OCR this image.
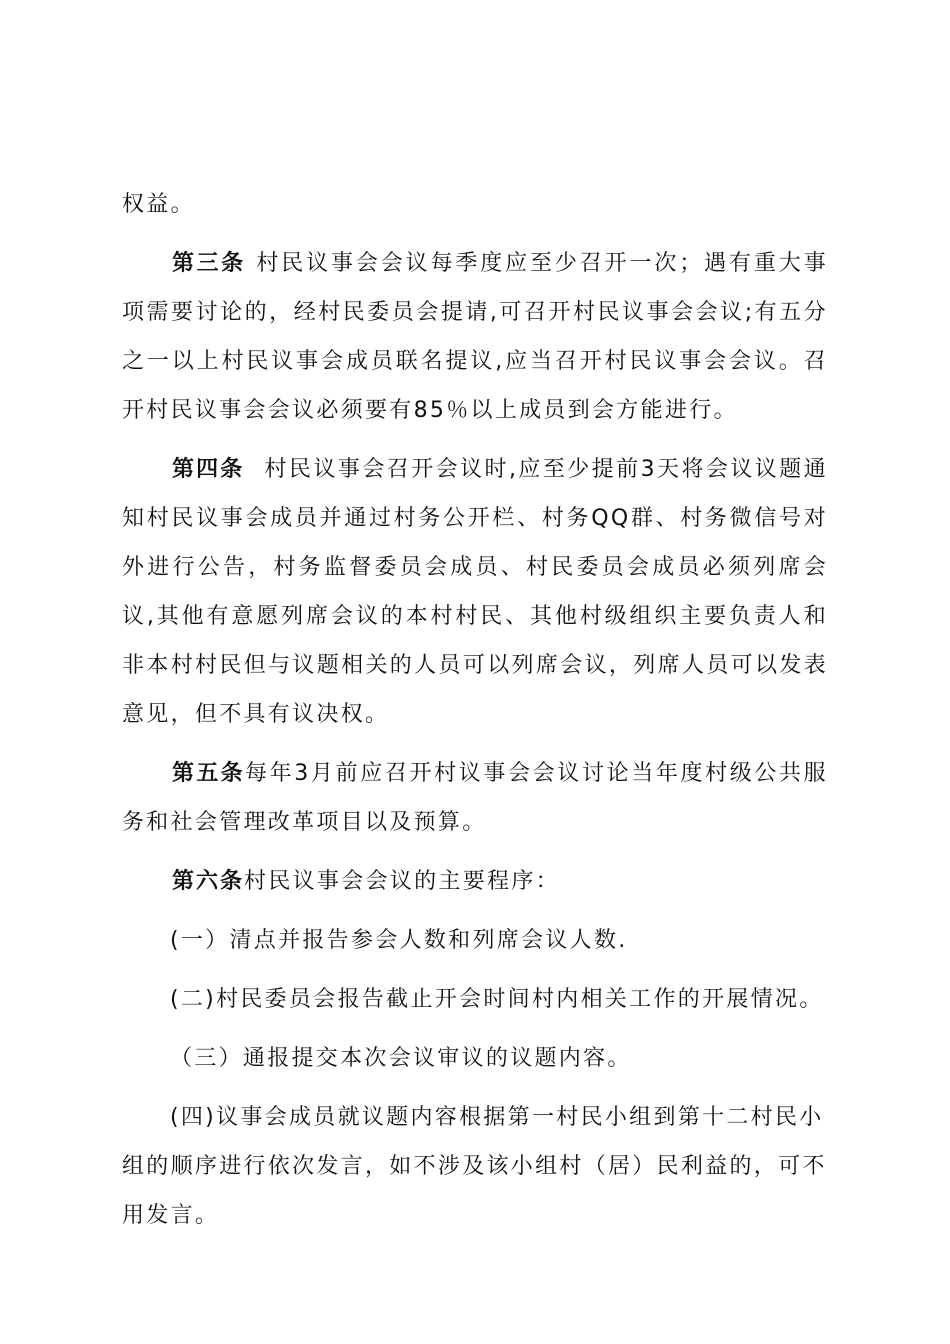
权益。

第三条 村民议事会会议每季度应至少召开一次；遇有重大事项需要讨论的，经村民委员会提请,可召开村民议事会会议;有五分之一以上村民议事会成员联名提议,应当召开村民议事会会议。召开村民议事会会议必须要有85％以上成员到会方能进行。

第四条 村民议事会召开会议时,应至少提前3天将会议议题通知村民议事会成员并通过村务公开栏、村务QQ群、村务微信号对外进行公告，村务监督委员会成员、村民委员会成员必须列席会议,其他有意愿列席会议的本村村民、其他村级组织主要负责人和非本村村民但与议题相关的人员可以列席会议，列席人员可以发表意见，但不具有议决权。

第五条每年3月前应召开村议事会会议讨论当年度村级公共服务和社会管理改革项目以及预算。

第六条村民议事会会议的主要程序：

(一）清点并报告参会人数和列席会议人数.

(二)村民委员会报告截止开会时间村内相关工作的开展情况。

（三）通报提交本次会议审议的议题内容。

(四)议事会成员就议题内容根据第一村民小组到第十二村民小组的顺序进行依次发言，如不涉及该小组村（居）民利益的，可不用发言。
